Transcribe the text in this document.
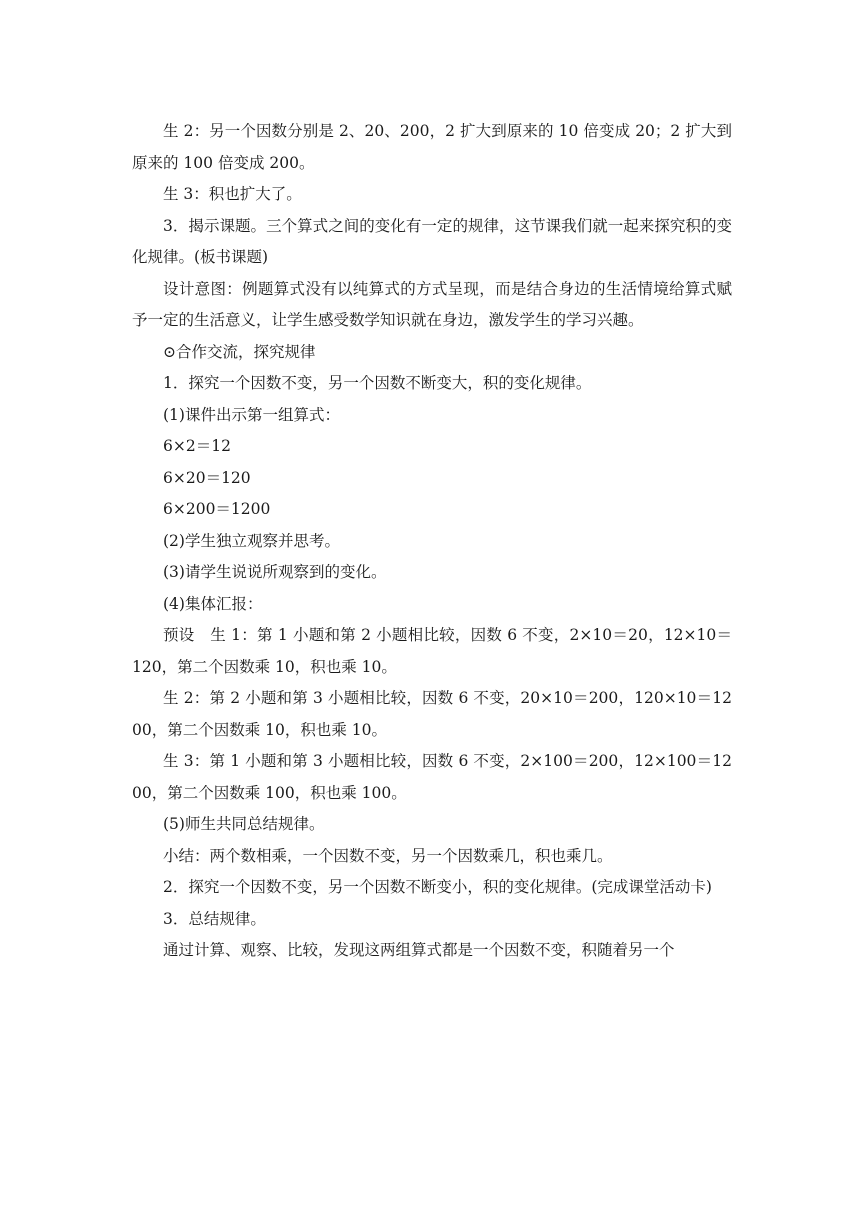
生 2：另一个因数分别是 2、20、200，2 扩大到原来的 10 倍变成 20；2 扩大到原来的 100 倍变成 200。

生 3：积也扩大了。

3．揭示课题。三个算式之间的变化有一定的规律，这节课我们就一起来探究积的变化规律。(板书课题)

设计意图：例题算式没有以纯算式的方式呈现，而是结合身边的生活情境给算式赋予一定的生活意义，让学生感受数学知识就在身边，激发学生的学习兴趣。

⊙合作交流，探究规律

1．探究一个因数不变，另一个因数不断变大，积的变化规律。

(1)课件出示第一组算式：

6×2＝12

6×20＝120

6×200＝1200

(2)学生独立观察并思考。

(3)请学生说说所观察到的变化。

(4)集体汇报：

预设　生 1：第 1 小题和第 2 小题相比较，因数 6 不变，2×10＝20，12×10＝120，第二个因数乘 10，积也乘 10。

生 2：第 2 小题和第 3 小题相比较，因数 6 不变，20×10＝200，120×10＝1200，第二个因数乘 10，积也乘 10。

生 3：第 1 小题和第 3 小题相比较，因数 6 不变，2×100＝200，12×100＝1200，第二个因数乘 100，积也乘 100。

(5)师生共同总结规律。

小结：两个数相乘，一个因数不变，另一个因数乘几，积也乘几。

2．探究一个因数不变，另一个因数不断变小，积的变化规律。(完成课堂活动卡)

3．总结规律。

通过计算、观察、比较，发现这两组算式都是一个因数不变，积随着另一个
